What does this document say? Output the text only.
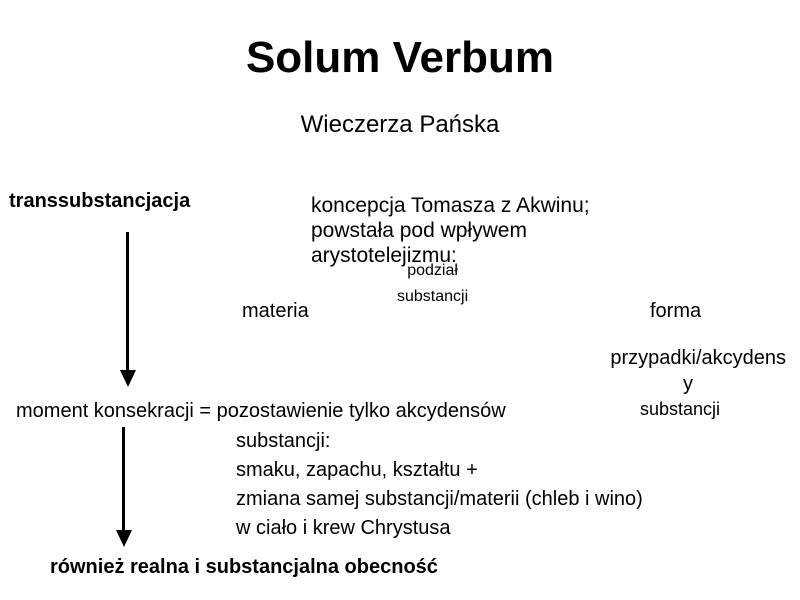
Solum Verbum
Wieczerza Pańska
transsubstancjacja	koncepcja Tomasza z Akwinu;
powstała pod wpływem
arystotelejizmu:
podział
substancji
materia	forma
przypadki/akcydens
y
substancji
moment konsekracji = pozostawienie tylko akcydensów
substancji:
smaku, zapachu, kształtu +
zmiana samej substancji/materii (chleb i wino)
w ciało i krew Chrystusa
również realna i substancjalna obecność
